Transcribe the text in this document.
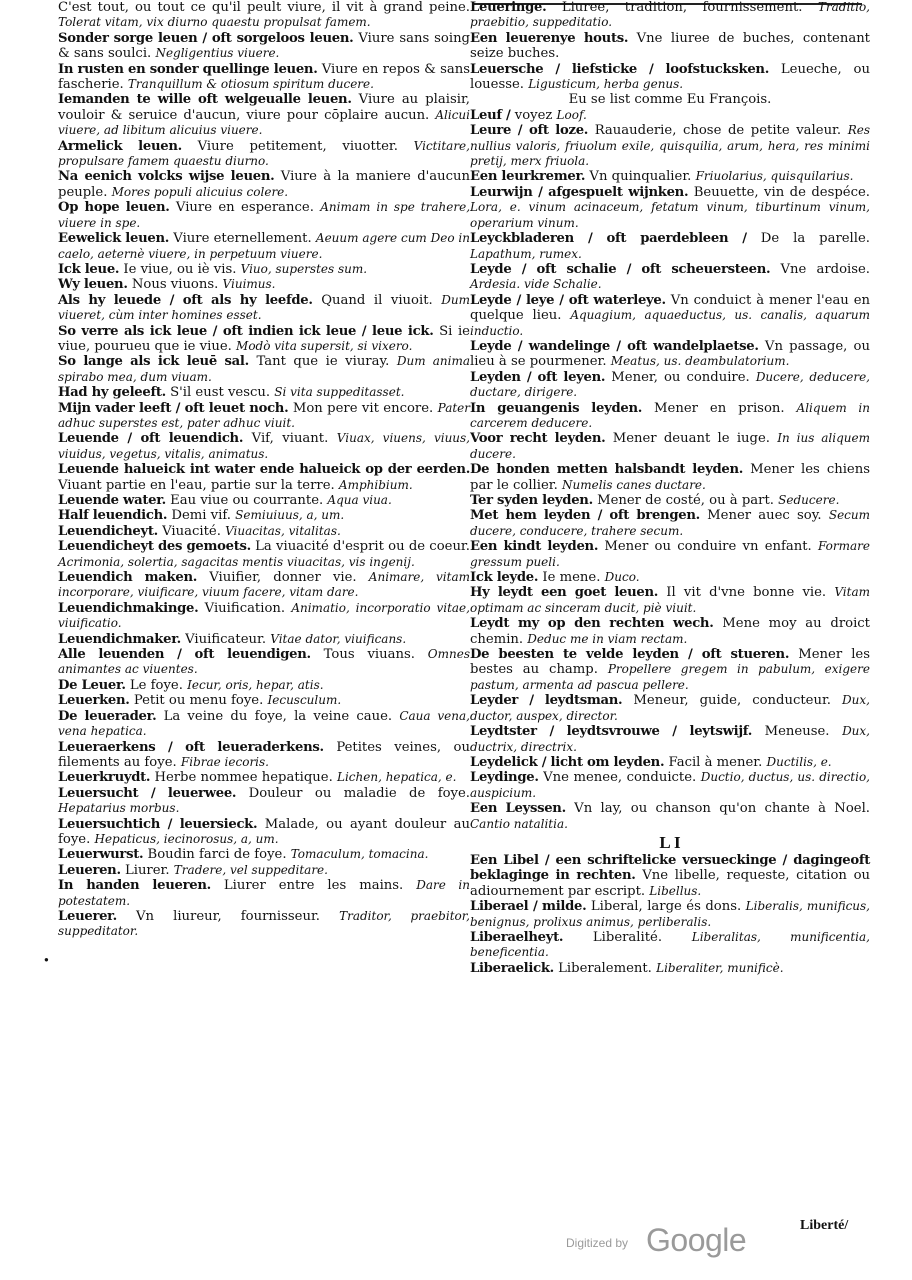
●

C'est tout, ou tout ce qu'il peult viure, il vit à grand peine. Tolerat vitam, vix diurno quaestu propulsat famem.

Sonder sorge leuen / oft sorgeloos leuen. Viure sans soing & sans soulci. Negligentius viuere.

In rusten en sonder quellinge leuen. Viure en repos & sans fascherie. Tranquillum & otiosum spiritum ducere.

Iemanden te wille oft welgeualle leuen. Viure au plaisir, vouloir & seruice d'aucun, viure pour cōplaire aucun. Alicui viuere, ad libitum alicuius viuere.

Armelick leuen. Viure petitement, viuotter. Victitare, propulsare famem quaestu diurno.

Na eenich volcks wijse leuen. Viure à la maniere d'aucun peuple. Mores populi alicuius colere.

Op hope leuen. Viure en esperance. Animam in spe trahere, viuere in spe.

Eewelick leuen. Viure eternellement. Aeuum agere cum Deo in caelo, aeternè viuere, in perpetuum viuere.

Ick leue. Ie viue, ou iè vis. Viuo, superstes sum.

Wy leuen. Nous viuons. Viuimus.

Als hy leuede / oft als hy leefde. Quand il viuoit. Dum viueret, cùm inter homines esset.

So verre als ick leue / oft indien ick leue / leue ick. Si ie viue, pourueu que ie viue. Modò vita supersit, si vixero.

So lange als ick leuē sal. Tant que ie viuray. Dum anima spirabo mea, dum viuam.

Had hy geleeft. S'il eust vescu. Si vita suppeditasset.

Mijn vader leeft / oft leuet noch. Mon pere vit encore. Pater adhuc superstes est, pater adhuc viuit.

Leuende / oft leuendich. Vif, viuant. Viuax, viuens, viuus, viuidus, vegetus, vitalis, animatus.

Leuende halueick int water ende halueick op der eerden. Viuant partie en l'eau, partie sur la terre. Amphibium.

Leuende water. Eau viue ou courrante. Aqua viua.

Half leuendich. Demi vif. Semiuiuus, a, um.

Leuendicheyt. Viuacité. Viuacitas, vitalitas.

Leuendicheyt des gemoets. La viuacité d'esprit ou de coeur. Acrimonia, solertia, sagacitas mentis viuacitas, vis ingenij.

Leuendich maken. Viuifier, donner vie. Animare, vitam incorporare, viuificare, viuum facere, vitam dare.

Leuendichmakinge. Viuification. Animatio, incorporatio vitae, viuificatio.

Leuendichmaker. Viuificateur. Vitae dator, viuificans.

Alle leuenden / oft leuendigen. Tous viuans. Omnes animantes ac viuentes.

De Leuer. Le foye. Iecur, oris, hepar, atis.

Leuerken. Petit ou menu foye. Iecusculum.

De leuerader. La veine du foye, la veine caue. Caua vena, vena hepatica.

Leueraerkens / oft leueraderkens. Petites veines, ou filements au foye. Fibrae iecoris.

Leuerkruydt. Herbe nommee hepatique. Lichen, hepatica, e.

Leuersucht / leuerwee. Douleur ou maladie de foye. Hepatarius morbus.

Leuersuchtich / leuersieck. Malade, ou ayant douleur au foye. Hepaticus, iecinorosus, a, um.

Leuerwurst. Boudin farci de foye. Tomaculum, tomacina.

Leueren. Liurer. Tradere, vel suppeditare.

In handen leueren. Liurer entre les mains. Dare in potestatem.

Leuerer. Vn liureur, fournisseur. Traditor, praebitor, suppeditator.

Leueringe. Liuree, tradition, fournissement. Traditio, praebitio, suppeditatio.

Een leuerenye houts. Vne liuree de buches, contenant seize buches.

Leuersche / liefsticke / loofstucksken. Leueche, ou louesse. Ligusticum, herba genus.

Eu se list comme Eu François.

Leuf / voyez Loof.

Leure / oft loze. Rauauderie, chose de petite valeur. Res nullius valoris, friuolum exile, quisquilia, arum, hera, res minimi pretij, merx friuola.

Een leurkremer. Vn quinqualier. Friuolarius, quisquilarius.

Leurwijn / afgespuelt wijnken. Beuuette, vin de despéce. Lora, e. vinum acinaceum, fetatum vinum, tiburtinum vinum, operarium vinum.

Leyckbladeren / oft paerdebleen / De la parelle. Lapathum, rumex.

Leyde / oft schalie / oft scheuersteen. Vne ardoise. Ardesia. vide Schalie.

Leyde / leye / oft waterleye. Vn conduict à mener l'eau en quelque lieu. Aquagium, aquaeductus, us. canalis, aquarum inductio.

Leyde / wandelinge / oft wandelplaetse. Vn passage, ou lieu à se pourmener. Meatus, us. deambulatorium.

Leyden / oft leyen. Mener, ou conduire. Ducere, deducere, ductare, dirigere.

In geuangenis leyden. Mener en prison. Aliquem in carcerem deducere.

Voor recht leyden. Mener deuant le iuge. In ius aliquem ducere.

De honden metten halsbandt leyden. Mener les chiens par le collier. Numelis canes ductare.

Ter syden leyden. Mener de costé, ou à part. Seducere.

Met hem leyden / oft brengen. Mener auec soy. Secum ducere, conducere, trahere secum.

Een kindt leyden. Mener ou conduire vn enfant. Formare gressum pueli.

Ick leyde. Ie mene. Duco.

Hy leydt een goet leuen. Il vit d'vne bonne vie. Vitam optimam ac sinceram ducit, piè viuit.

Leydt my op den rechten wech. Mene moy au droict chemin. Deduc me in viam rectam.

De beesten te velde leyden / oft stueren. Mener les bestes au champ. Propellere gregem in pabulum, exigere pastum, armenta ad pascua pellere.

Leyder / leydtsman. Meneur, guide, conducteur. Dux, ductor, auspex, director.

Leydtster / leydtsvrouwe / leytswijf. Meneuse. Dux, ductrix, directrix.

Leydelick / licht om leyden. Facil à mener. Ductilis, e.

Leydinge. Vne menee, conduicte. Ductio, ductus, us. directio, auspicium.

Een Leyssen. Vn lay, ou chanson qu'on chante à Noel. Cantio natalitia.

L I

Een Libel / een schriftelicke versueckinge / dagingeoft beklaginge in rechten. Vne libelle, requeste, citation ou adiournement par escript. Libellus.

Liberael / milde. Liberal, large és dons. Liberalis, munificus, benignus, prolixus animus, perliberalis.

Liberaelheyt. Liberalité. Liberalitas, munificentia, beneficentia.

Liberaelick. Liberalement. Liberaliter, munificè.

Liberté/
Digitized by Google
